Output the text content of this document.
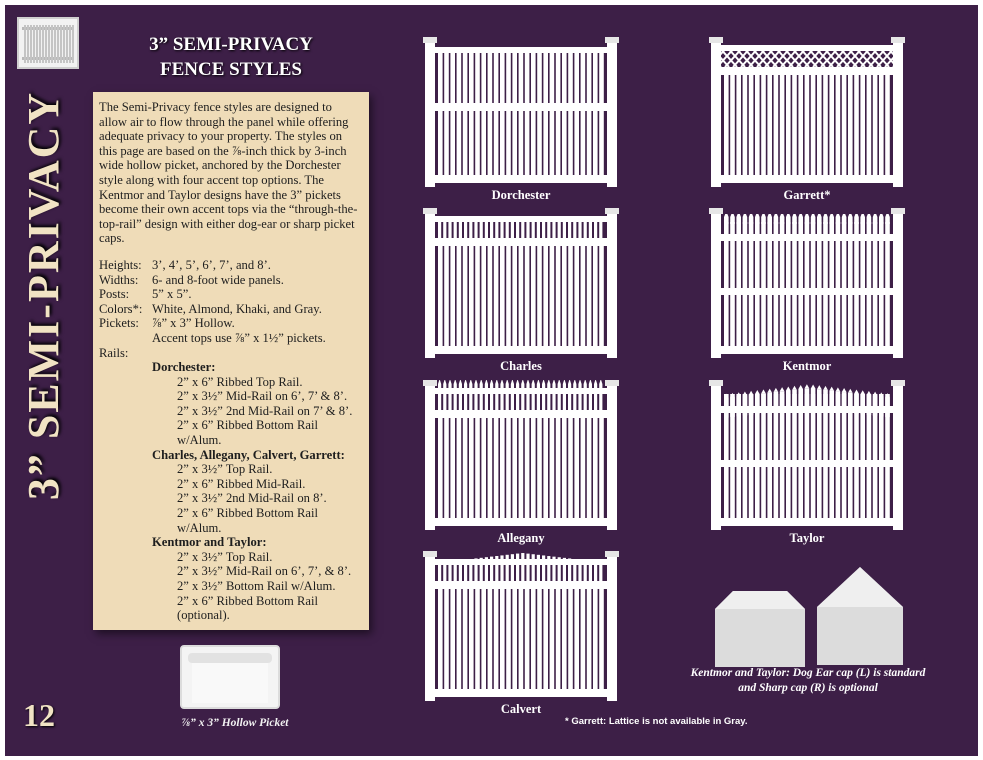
3” SEMI-PRIVACY
12
3” SEMI-PRIVACY
FENCE STYLES

The Semi-Privacy fence styles are designed to allow air to flow through the panel while offering adequate privacy to your property. The styles on this page are based on the ⅞-inch thick by 3-inch wide hollow picket, anchored by the Dorchester style along with four accent top options. The Kentmor and Taylor designs have the 3” pickets become their own accent tops via the “through-the-top-rail” design with either dog-ear or sharp picket caps.

Heights: 3’, 4’, 5’, 6’, 7’, and 8’.
Widths:	6- and 8-foot wide panels.
Posts:	5” x 5”.
Colors*: White, Almond, Khaki, and Gray.
Pickets:	⅞” x 3” Hollow.
Accent tops use ⅞” x 1½” pickets.
Rails:
Dorchester:
2” x 6” Ribbed Top Rail.
2” x 3½” Mid-Rail on 6’, 7’ & 8’.
2” x 3½” 2nd Mid-Rail on 7’ & 8’.
2” x 6” Ribbed Bottom Rail w/Alum.
Charles, Allegany, Calvert, Garrett:
2” x 3½” Top Rail.
2” x 6” Ribbed Mid-Rail.
2” x 3½” 2nd Mid-Rail on 8’.
2” x 6” Ribbed Bottom Rail w/Alum.
Kentmor and Taylor:
2” x 3½” Top Rail.
2” x 3½” Mid-Rail on 6’, 7’, & 8’.
2” x 3½” Bottom Rail w/Alum.
2” x 6” Ribbed Bottom Rail (optional).
⅞” x 3” Hollow Picket
Dorchester	Garrett*
Charles	Kentmor
Allegany	Taylor
Calvert
Kentmor and Taylor: Dog Ear cap (L) is standard
and Sharp cap (R) is optional
* Garrett: Lattice is not available in Gray.
